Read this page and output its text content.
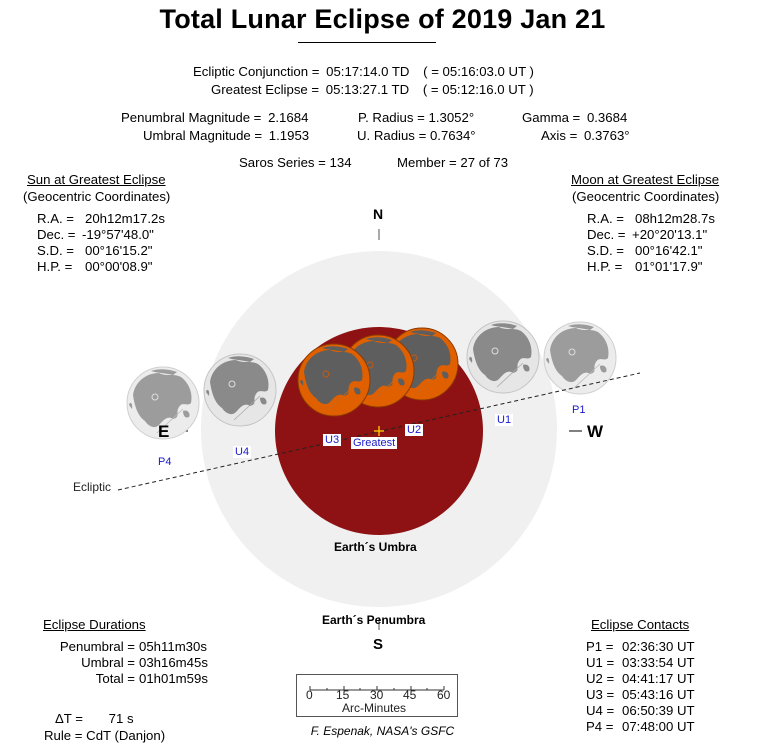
Total Lunar Eclipse of 2019 Jan 21
Ecliptic Conjunction = 05:17:14.0 TD ( = 05:16:03.0 UT )
Greatest Eclipse = 05:13:27.1 TD ( = 05:12:16.0 UT )
Penumbral Magnitude = 2.1684
Umbral Magnitude = 1.1953
P. Radius = 1.3052°
U. Radius = 0.7634°
Gamma = 0.3684
Axis = 0.3763°
Saros Series = 134	Member = 27 of 73
Sun at Greatest Eclipse
(Geocentric Coordinates)
R.A. = 20h12m17.2s
Dec. = -19°57'48.0"
S.D. = 00°16'15.2"
H.P. = 00°00'08.9"
Moon at Greatest Eclipse
(Geocentric Coordinates)
R.A. = 08h12m28.7s
Dec. = +20°20'13.1"
S.D. = 00°16'42.1"
H.P. = 01°01'17.9"
N
S
E	W
Ecliptic
Earth´s Umbra
Earth´s Penumbra
P1
U1
U2
Greatest
U3
U4
P4
Eclipse Durations
Penumbral = 05h11m30s
Umbral = 03h16m45s
Total = 01h01m59s
ΔT = 71 s
Rule = CdT (Danjon)
Eclipse Contacts
P1 = 02:36:30 UT
U1 = 03:33:54 UT
U2 = 04:41:17 UT
U3 = 05:43:16 UT
U4 = 06:50:39 UT
P4 = 07:48:00 UT
0 15 30 45 60
Arc-Minutes
F. Espenak, NASA's GSFC
